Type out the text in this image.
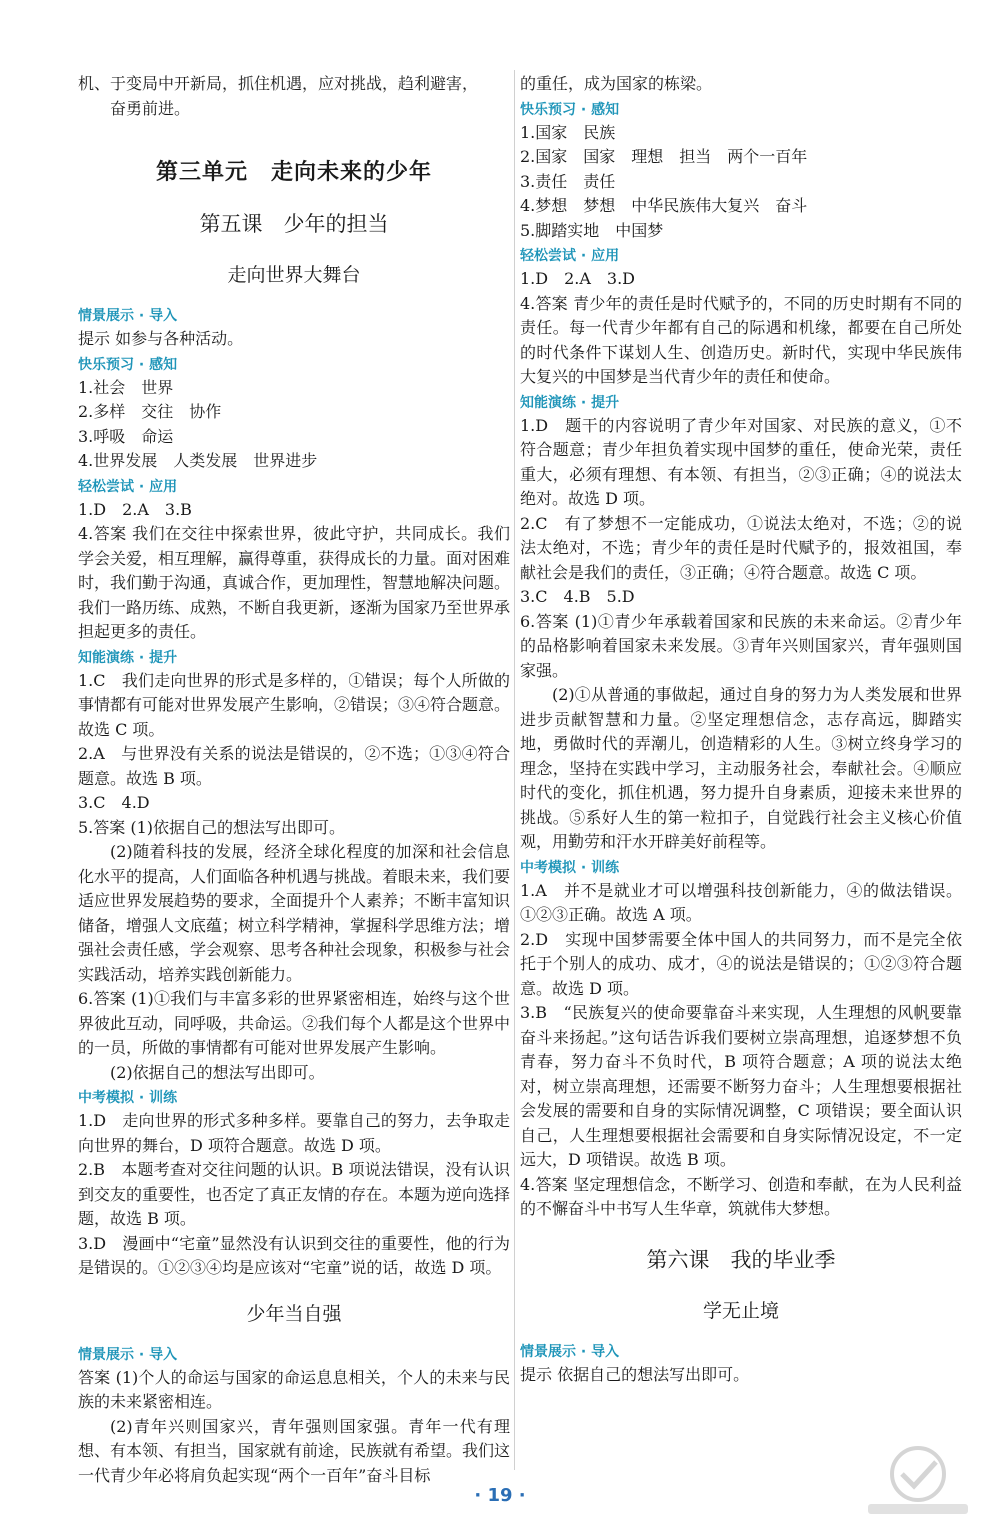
机、于变局中开新局，抓住机遇，应对挑战，趋利避害，

奋勇前进。

第三单元　走向未来的少年
第五课　少年的担当
走向世界大舞台
情景展示 · 导入

提示 如参与各种活动。

快乐预习 · 感知

1.社会　世界

2.多样　交往　协作

3.呼吸　命运

4.世界发展　人类发展　世界进步

轻松尝试 · 应用

1.D　2.A　3.B

4.答案 我们在交往中探索世界，彼此守护，共同成长。我们学会关爱，相互理解，赢得尊重，获得成长的力量。面对困难时，我们勤于沟通，真诚合作，更加理性，智慧地解决问题。我们一路历练、成熟，不断自我更新，逐渐为国家乃至世界承担起更多的责任。

知能演练 · 提升

1.C　我们走向世界的形式是多样的，①错误；每个人所做的事情都有可能对世界发展产生影响，②错误；③④符合题意。故选 C 项。

2.A　与世界没有关系的说法是错误的，②不选；①③④符合题意。故选 B 项。

3.C　4.D

5.答案 (1)依据自己的想法写出即可。

(2)随着科技的发展，经济全球化程度的加深和社会信息化水平的提高，人们面临各种机遇与挑战。着眼未来，我们要适应世界发展趋势的要求，全面提升个人素养；不断丰富知识储备，增强人文底蕴；树立科学精神，掌握科学思维方法；增强社会责任感，学会观察、思考各种社会现象，积极参与社会实践活动，培养实践创新能力。

6.答案 (1)①我们与丰富多彩的世界紧密相连，始终与这个世界彼此互动，同呼吸，共命运。②我们每个人都是这个世界中的一员，所做的事情都有可能对世界发展产生影响。

(2)依据自己的想法写出即可。

中考模拟 · 训练

1.D　走向世界的形式多种多样。要靠自己的努力，去争取走向世界的舞台，D 项符合题意。故选 D 项。

2.B　本题考查对交往问题的认识。B 项说法错误，没有认识到交友的重要性，也否定了真正友情的存在。本题为逆向选择题，故选 B 项。

3.D　漫画中“宅童”显然没有认识到交往的重要性，他的行为是错误的。①②③④均是应该对“宅童”说的话，故选 D 项。

少年当自强
情景展示 · 导入

答案 (1)个人的命运与国家的命运息息相关，个人的未来与民族的未来紧密相连。

(2)青年兴则国家兴，青年强则国家强。青年一代有理想、有本领、有担当，国家就有前途，民族就有希望。我们这一代青少年必将肩负起实现“两个一百年”奋斗目标

的重任，成为国家的栋梁。

快乐预习 · 感知

1.国家　民族

2.国家　国家　理想　担当　两个一百年

3.责任　责任

4.梦想　梦想　中华民族伟大复兴　奋斗

5.脚踏实地　中国梦

轻松尝试 · 应用

1.D　2.A　3.D

4.答案 青少年的责任是时代赋予的，不同的历史时期有不同的责任。每一代青少年都有自己的际遇和机缘，都要在自己所处的时代条件下谋划人生、创造历史。新时代，实现中华民族伟大复兴的中国梦是当代青少年的责任和使命。

知能演练 · 提升

1.D　题干的内容说明了青少年对国家、对民族的意义，①不符合题意；青少年担负着实现中国梦的重任，使命光荣，责任重大，必须有理想、有本领、有担当，②③正确；④的说法太绝对。故选 D 项。

2.C　有了梦想不一定能成功，①说法太绝对，不选；②的说法太绝对，不选；青少年的责任是时代赋予的，报效祖国，奉献社会是我们的责任，③正确；④符合题意。故选 C 项。

3.C　4.B　5.D

6.答案 (1)①青少年承载着国家和民族的未来命运。②青少年的品格影响着国家未来发展。③青年兴则国家兴，青年强则国家强。

(2)①从普通的事做起，通过自身的努力为人类发展和世界进步贡献智慧和力量。②坚定理想信念，志存高远，脚踏实地，勇做时代的弄潮儿，创造精彩的人生。③树立终身学习的理念，坚持在实践中学习，主动服务社会，奉献社会。④顺应时代的变化，抓住机遇，努力提升自身素质，迎接未来世界的挑战。⑤系好人生的第一粒扣子，自觉践行社会主义核心价值观，用勤劳和汗水开辟美好前程等。

中考模拟 · 训练

1.A　并不是就业才可以增强科技创新能力，④的做法错误。①②③正确。故选 A 项。

2.D　实现中国梦需要全体中国人的共同努力，而不是完全依托于个别人的成功、成才，④的说法是错误的；①②③符合题意。故选 D 项。

3.B　“民族复兴的使命要靠奋斗来实现，人生理想的风帆要靠奋斗来扬起。”这句话告诉我们要树立崇高理想，追逐梦想不负青春，努力奋斗不负时代，B 项符合题意；A 项的说法太绝对，树立崇高理想，还需要不断努力奋斗；人生理想要根据社会发展的需要和自身的实际情况调整，C 项错误；要全面认识自己，人生理想要根据社会需要和自身实际情况设定，不一定远大，D 项错误。故选 B 项。

4.答案 坚定理想信念，不断学习、创造和奉献，在为人民利益的不懈奋斗中书写人生华章，筑就伟大梦想。

第六课　我的毕业季
学无止境
情景展示 · 导入

提示 依据自己的想法写出即可。

· 19 ·
